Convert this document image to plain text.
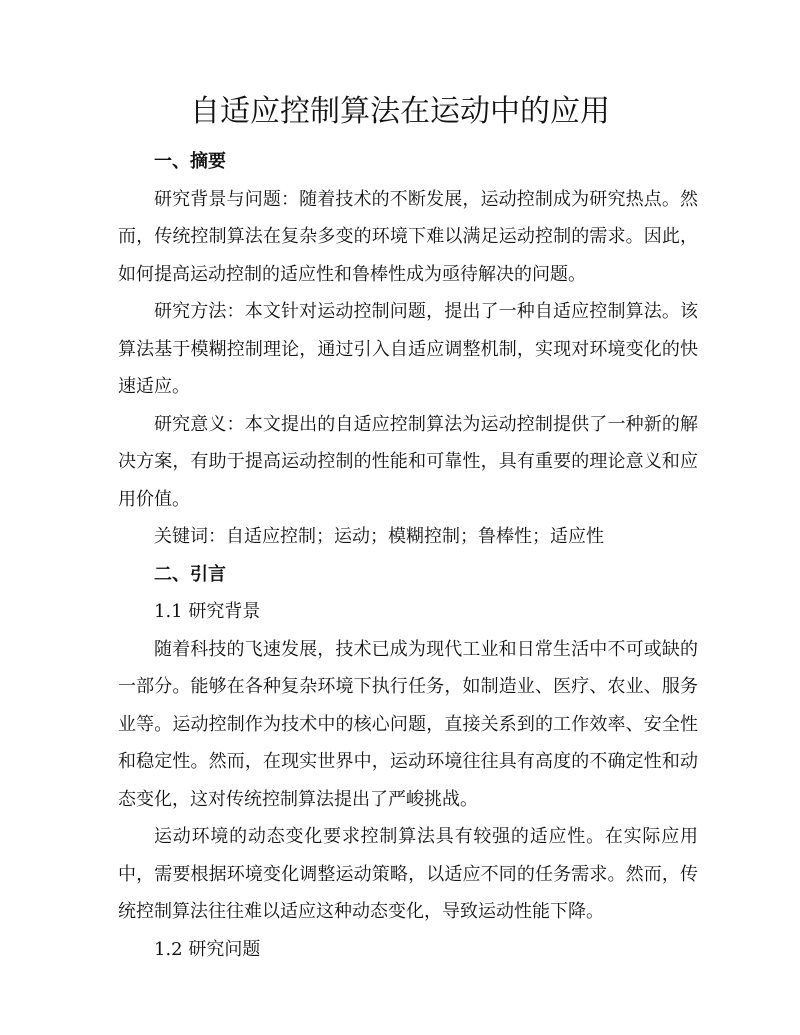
自适应控制算法在运动中的应用

一、摘要

研究背景与问题：随着技术的不断发展，运动控制成为研究热点。然而，传统控制算法在复杂多变的环境下难以满足运动控制的需求。因此，如何提高运动控制的适应性和鲁棒性成为亟待解决的问题。

研究方法：本文针对运动控制问题，提出了一种自适应控制算法。该算法基于模糊控制理论，通过引入自适应调整机制，实现对环境变化的快速适应。

研究意义：本文提出的自适应控制算法为运动控制提供了一种新的解决方案，有助于提高运动控制的性能和可靠性，具有重要的理论意义和应用价值。

关键词：自适应控制；运动；模糊控制；鲁棒性；适应性

二、引言

1.1 研究背景

随着科技的飞速发展，技术已成为现代工业和日常生活中不可或缺的一部分。能够在各种复杂环境下执行任务，如制造业、医疗、农业、服务业等。运动控制作为技术中的核心问题，直接关系到的工作效率、安全性和稳定性。然而，在现实世界中，运动环境往往具有高度的不确定性和动态变化，这对传统控制算法提出了严峻挑战。

运动环境的动态变化要求控制算法具有较强的适应性。在实际应用中，需要根据环境变化调整运动策略，以适应不同的任务需求。然而，传统控制算法往往难以适应这种动态变化，导致运动性能下降。

1.2 研究问题
